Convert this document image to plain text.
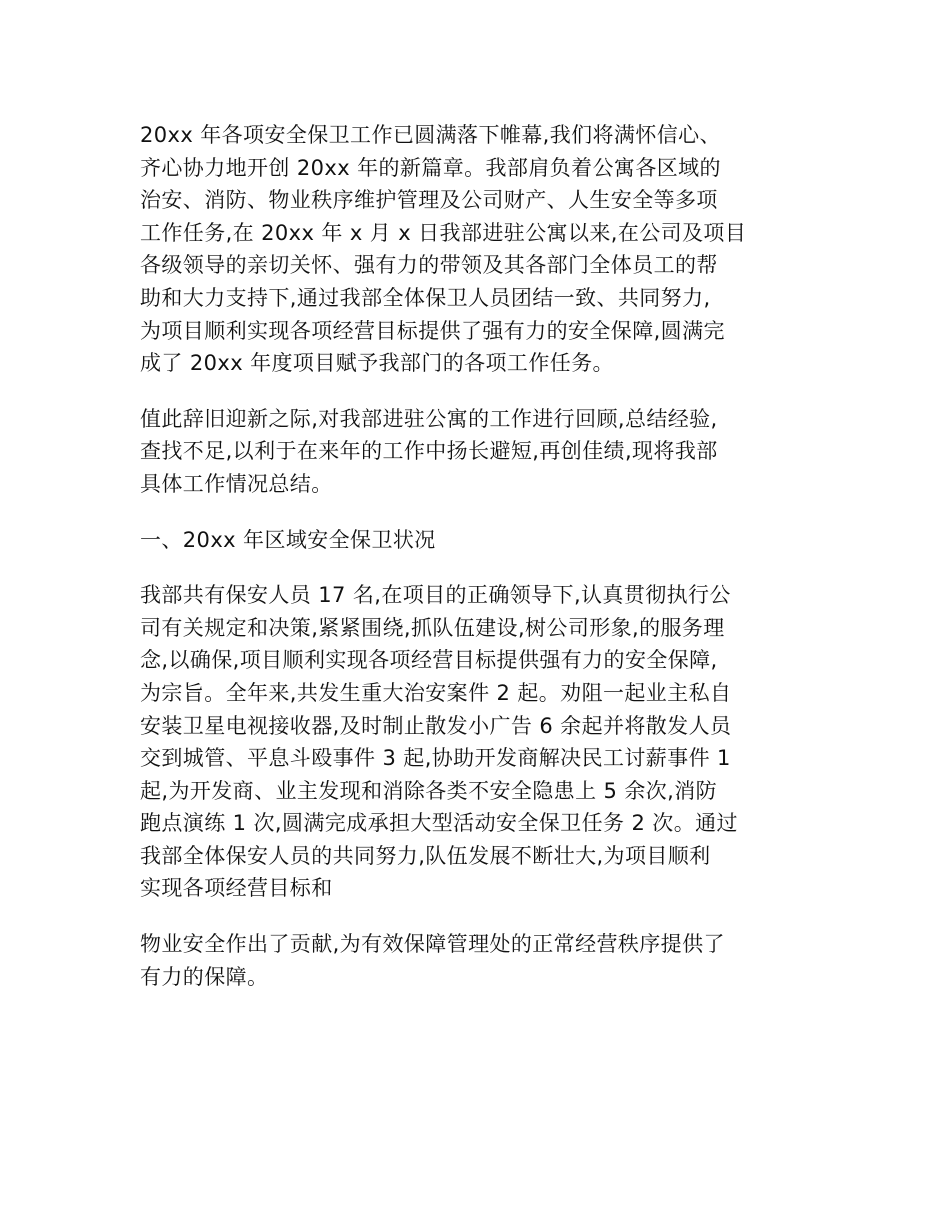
20xx 年各项安全保卫工作已圆满落下帷幕,我们将满怀信心、
齐心协力地开创 20xx 年的新篇章。我部肩负着公寓各区域的
治安、消防、物业秩序维护管理及公司财产、人生安全等多项
工作任务,在 20xx 年 x 月 x 日我部进驻公寓以来,在公司及项目
各级领导的亲切关怀、强有力的带领及其各部门全体员工的帮
助和大力支持下,通过我部全体保卫人员团结一致、共同努力,
为项目顺利实现各项经营目标提供了强有力的安全保障,圆满完
成了 20xx 年度项目赋予我部门的各项工作任务。

值此辞旧迎新之际,对我部进驻公寓的工作进行回顾,总结经验,
查找不足,以利于在来年的工作中扬长避短,再创佳绩,现将我部
具体工作情况总结。

一、20xx 年区域安全保卫状况

我部共有保安人员 17 名,在项目的正确领导下,认真贯彻执行公
司有关规定和决策,紧紧围绕,抓队伍建设,树公司形象,的服务理
念,以确保,项目顺利实现各项经营目标提供强有力的安全保障,
为宗旨。全年来,共发生重大治安案件 2 起。劝阻一起业主私自
安装卫星电视接收器,及时制止散发小广告 6 余起并将散发人员
交到城管、平息斗殴事件 3 起,协助开发商解决民工讨薪事件 1
起,为开发商、业主发现和消除各类不安全隐患上 5 余次,消防
跑点演练 1 次,圆满完成承担大型活动安全保卫任务 2 次。通过
我部全体保安人员的共同努力,队伍发展不断壮大,为项目顺利
实现各项经营目标和

物业安全作出了贡献,为有效保障管理处的正常经营秩序提供了
有力的保障。
